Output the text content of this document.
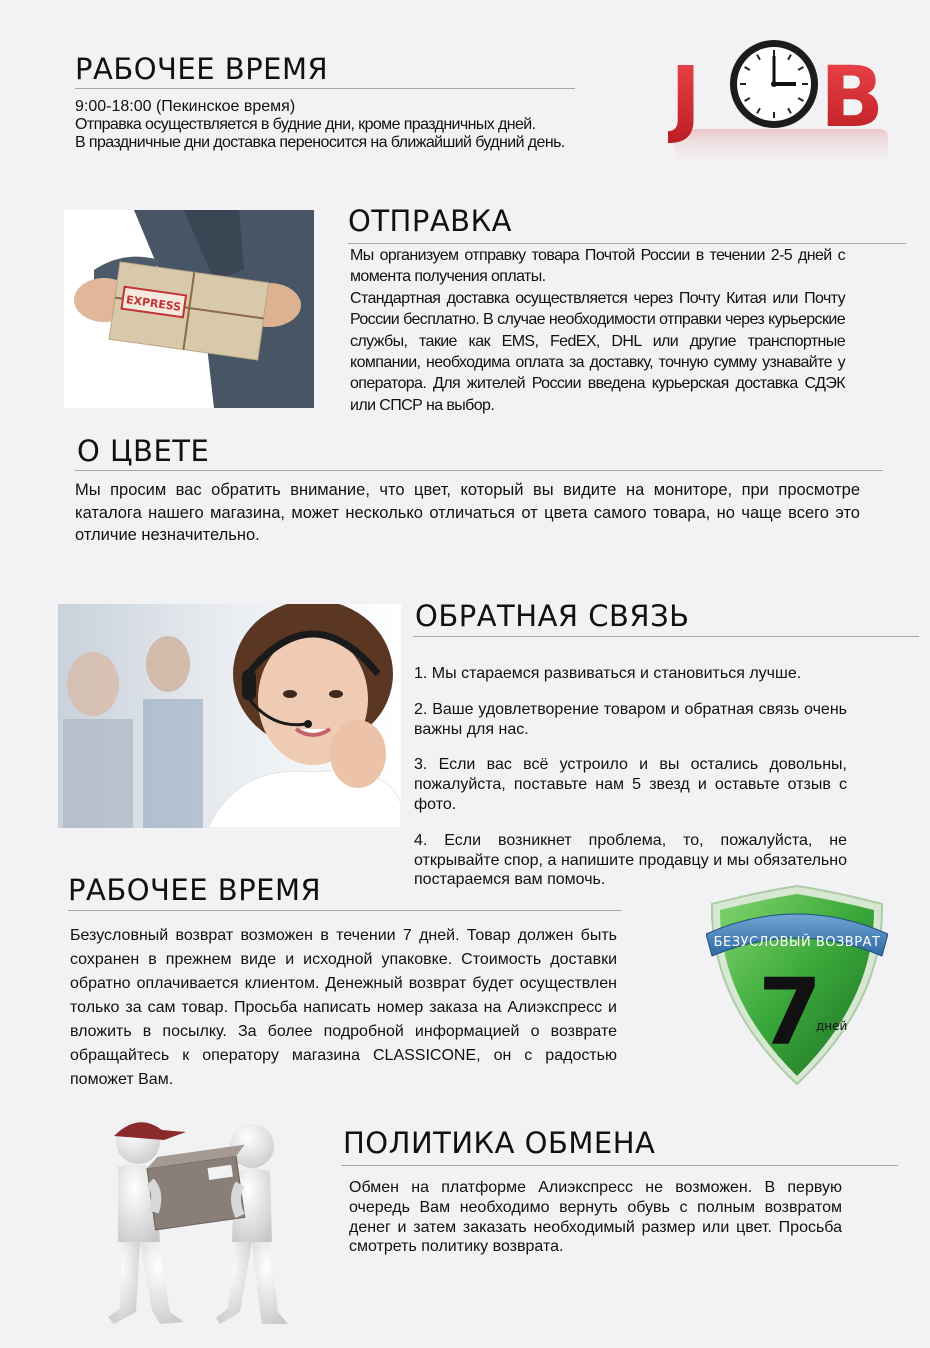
РАБОЧЕЕ ВРЕМЯ

9:00-18:00 (Пекинское время)

Отправка осуществляется в будние дни, кроме праздничных дней.

В праздничные дни доставка переносится на ближайший будний день. J B
EXPRESS
ОТПРАВКА

Мы организуем отправку товара Почтой России в течении 2-5 дней с момента получения оплаты.

Стандартная доставка осуществляется через Почту Китая или Почту России бесплатно. В случае необходимости отправки через курьерские службы, такие как EMS, FedEX, DHL или другие транспортные компании, необходима оплата за доставку, точную сумму узнавайте у оператора. Для жителей России введена курьерская доставка СДЭК или СПСР на выбор.

О ЦВЕТЕ
Мы просим вас обратить внимание, что цвет, который вы видите на мониторе, при просмотре каталога нашего магазина, может несколько отличаться от цвета самого товара, но чаще всего это отличие незначительно.
ОБРАТНАЯ СВЯЗЬ

1. Мы стараемся развиваться и становиться лучше.

2. Ваше удовлетворение товаром и обратная связь очень важны для нас.

3. Если вас всё устроило и вы остались довольны, пожалуйста, поставьте нам 5 звезд и оставьте отзыв с фото.

4. Если возникнет проблема, то, пожалуйста, не открывайте спор, а напишите продавцу и мы обязательно постараемся вам помочь.

РАБОЧЕЕ ВРЕМЯ
Безусловный возврат возможен в течении 7 дней. Товар должен быть сохранен в прежнем виде и исходной упаковке. Стоимость доставки обратно оплачивается клиентом. Денежный возврат будет осуществлен только за сам товар. Просьба написать номер заказа на Алиэкспресс и вложить в посылку. За более подробной информацией о возврате обращайтесь к оператору магазина CLASSICONE, он с радостью поможет Вам.
БЕЗУСЛОВЫЙ ВОЗВРАТ
7
дней
ПОЛИТИКА ОБМЕНА
Обмен на платформе Алиэкспресс не возможен. В первую очередь Вам необходимо вернуть обувь с полным возвратом денег и затем заказать необходимый размер или цвет. Просьба смотреть политику возврата.
